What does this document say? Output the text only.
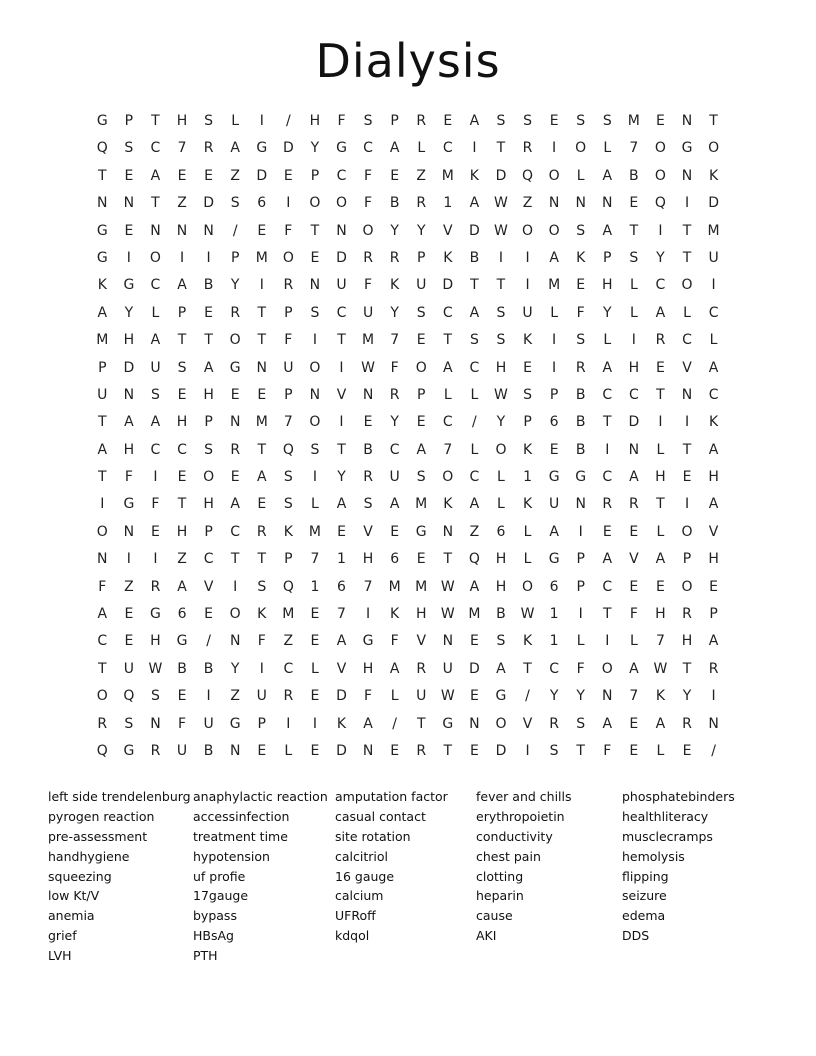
Dialysis
G	P	T	H	S	L	I	/	H	F	S	P	R	E	A	S	S	E	S	S	M	E	N	T
Q	S	C	7	R	A	G	D	Y	G	C	A	L	C	I	T	R	I	O	L	7	O	G	O
T	E	A	E	E	Z	D	E	P	C	F	E	Z	M	K	D	Q	O	L	A	B	O	N	K
N	N	T	Z	D	S	6	I	O	O	F	B	R	1	A	W	Z	N	N	N	E	Q	I	D
G	E	N	N	N	/	E	F	T	N	O	Y	Y	V	D	W	O	O	S	A	T	I	T	M
G	I	O	I	I	P	M	O	E	D	R	R	P	K	B	I	I	A	K	P	S	Y	T	U
K	G	C	A	B	Y	I	R	N	U	F	K	U	D	T	T	I	M	E	H	L	C	O	I
A	Y	L	P	E	R	T	P	S	C	U	Y	S	C	A	S	U	L	F	Y	L	A	L	C
M	H	A	T	T	O	T	F	I	T	M	7	E	T	S	S	K	I	S	L	I	R	C	L
P	D	U	S	A	G	N	U	O	I	W	F	O	A	C	H	E	I	R	A	H	E	V	A
U	N	S	E	H	E	E	P	N	V	N	R	P	L	L	W	S	P	B	C	C	T	N	C
T	A	A	H	P	N	M	7	O	I	E	Y	E	C	/	Y	P	6	B	T	D	I	I	K
A	H	C	C	S	R	T	Q	S	T	B	C	A	7	L	O	K	E	B	I	N	L	T	A
T	F	I	E	O	E	A	S	I	Y	R	U	S	O	C	L	1	G	G	C	A	H	E	H
I	G	F	T	H	A	E	S	L	A	S	A	M	K	A	L	K	U	N	R	R	T	I	A
O	N	E	H	P	C	R	K	M	E	V	E	G	N	Z	6	L	A	I	E	E	L	O	V
N	I	I	Z	C	T	T	P	7	1	H	6	E	T	Q	H	L	G	P	A	V	A	P	H
F	Z	R	A	V	I	S	Q	1	6	7	M	M W	A	H	O	6	P	C	E	E	O	E
A	E	G	6	E	O	K	M	E	7	I	K	H	W M	B	W	1	I	T	F	H	R	P
C	E	H	G	/	N	F	Z	E	A	G	F	V	N	E	S	K	1	L	I	L	7	H	A
T	U	W	B	B	Y	I	C	L	V	H	A	R	U	D	A	T	C	F	O	A	W	T	R
O	Q	S	E	I	Z	U	R	E	D	F	L	U	W	E	G	/	Y	Y	N	7	K	Y	I
R	S	N	F	U	G	P	I	I	K	A	/	T	G	N	O	V	R	S	A	E	A	R	N
Q	G	R	U	B	N	E	L	E	D	N	E	R	T	E	D	I	S	T	F	E	L	E	/
left side trendelenburg
pyrogen reaction
pre-assessment
handhygiene
squeezing
low Kt/V
anemia
grief
LVH
anaphylactic reaction
accessinfection
treatment time
hypotension
uf profie
17gauge
bypass
HBsAg
PTH
amputation factor
casual contact
site rotation
calcitriol
16 gauge
calcium
UFRoff
kdqol
fever and chills
erythropoietin
conductivity
chest pain
clotting
heparin
cause
AKI
phosphatebinders
healthliteracy
musclecramps
hemolysis
flipping
seizure
edema
DDS
